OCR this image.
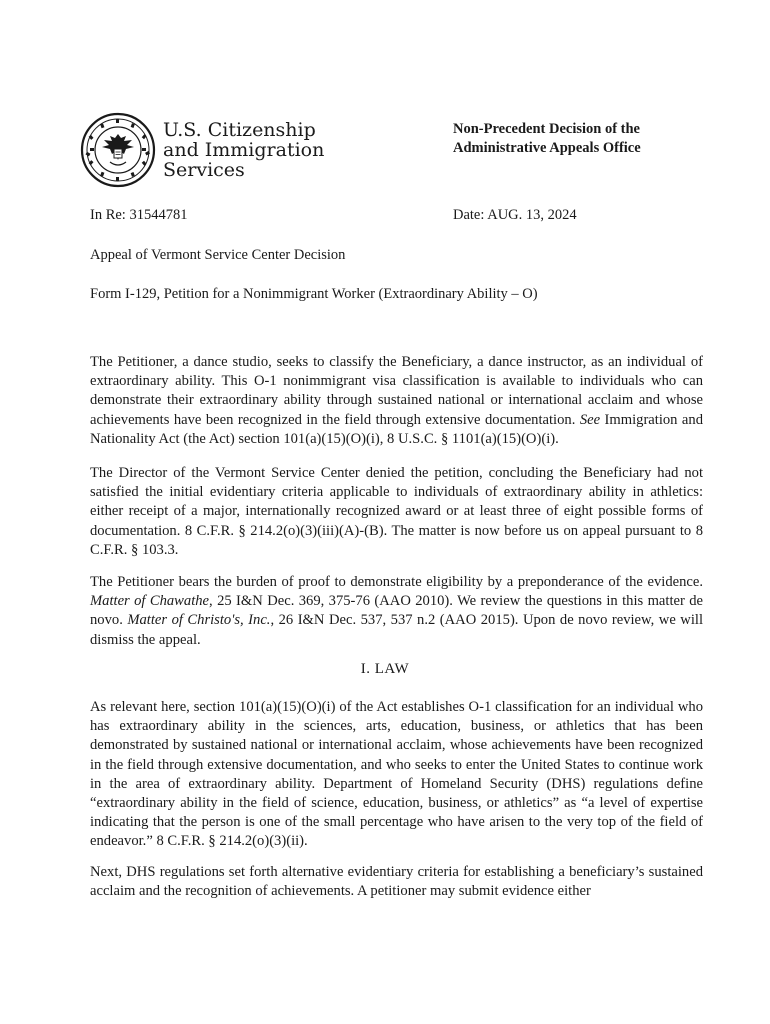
U.S. Citizenship
and Immigration
Services
Non-Precedent Decision of the
Administrative Appeals Office
In Re: 31544781	Date: AUG. 13, 2024
Appeal of Vermont Service Center Decision
Form I-129, Petition for a Nonimmigrant Worker (Extraordinary Ability – O)

The Petitioner, a dance studio, seeks to classify the Beneficiary, a dance instructor, as an individual of extraordinary ability. This O-1 nonimmigrant visa classification is available to individuals who can demonstrate their extraordinary ability through sustained national or international acclaim and whose achievements have been recognized in the field through extensive documentation. See Immigration and Nationality Act (the Act) section 101(a)(15)(O)(i), 8 U.S.C. § 1101(a)(15)(O)(i).

The Director of the Vermont Service Center denied the petition, concluding the Beneficiary had not satisfied the initial evidentiary criteria applicable to individuals of extraordinary ability in athletics: either receipt of a major, internationally recognized award or at least three of eight possible forms of documentation. 8 C.F.R. § 214.2(o)(3)(iii)(A)-(B). The matter is now before us on appeal pursuant to 8 C.F.R. § 103.3.

The Petitioner bears the burden of proof to demonstrate eligibility by a preponderance of the evidence. Matter of Chawathe, 25 I&N Dec. 369, 375-76 (AAO 2010). We review the questions in this matter de novo. Matter of Christo's, Inc., 26 I&N Dec. 537, 537 n.2 (AAO 2015). Upon de novo review, we will dismiss the appeal.

I. LAW

As relevant here, section 101(a)(15)(O)(i) of the Act establishes O-1 classification for an individual who has extraordinary ability in the sciences, arts, education, business, or athletics that has been demonstrated by sustained national or international acclaim, whose achievements have been recognized in the field through extensive documentation, and who seeks to enter the United States to continue work in the area of extraordinary ability. Department of Homeland Security (DHS) regulations define “extraordinary ability in the field of science, education, business, or athletics” as “a level of expertise indicating that the person is one of the small percentage who have arisen to the very top of the field of endeavor.” 8 C.F.R. § 214.2(o)(3)(ii).

Next, DHS regulations set forth alternative evidentiary criteria for establishing a beneficiary’s sustained acclaim and the recognition of achievements. A petitioner may submit evidence either
